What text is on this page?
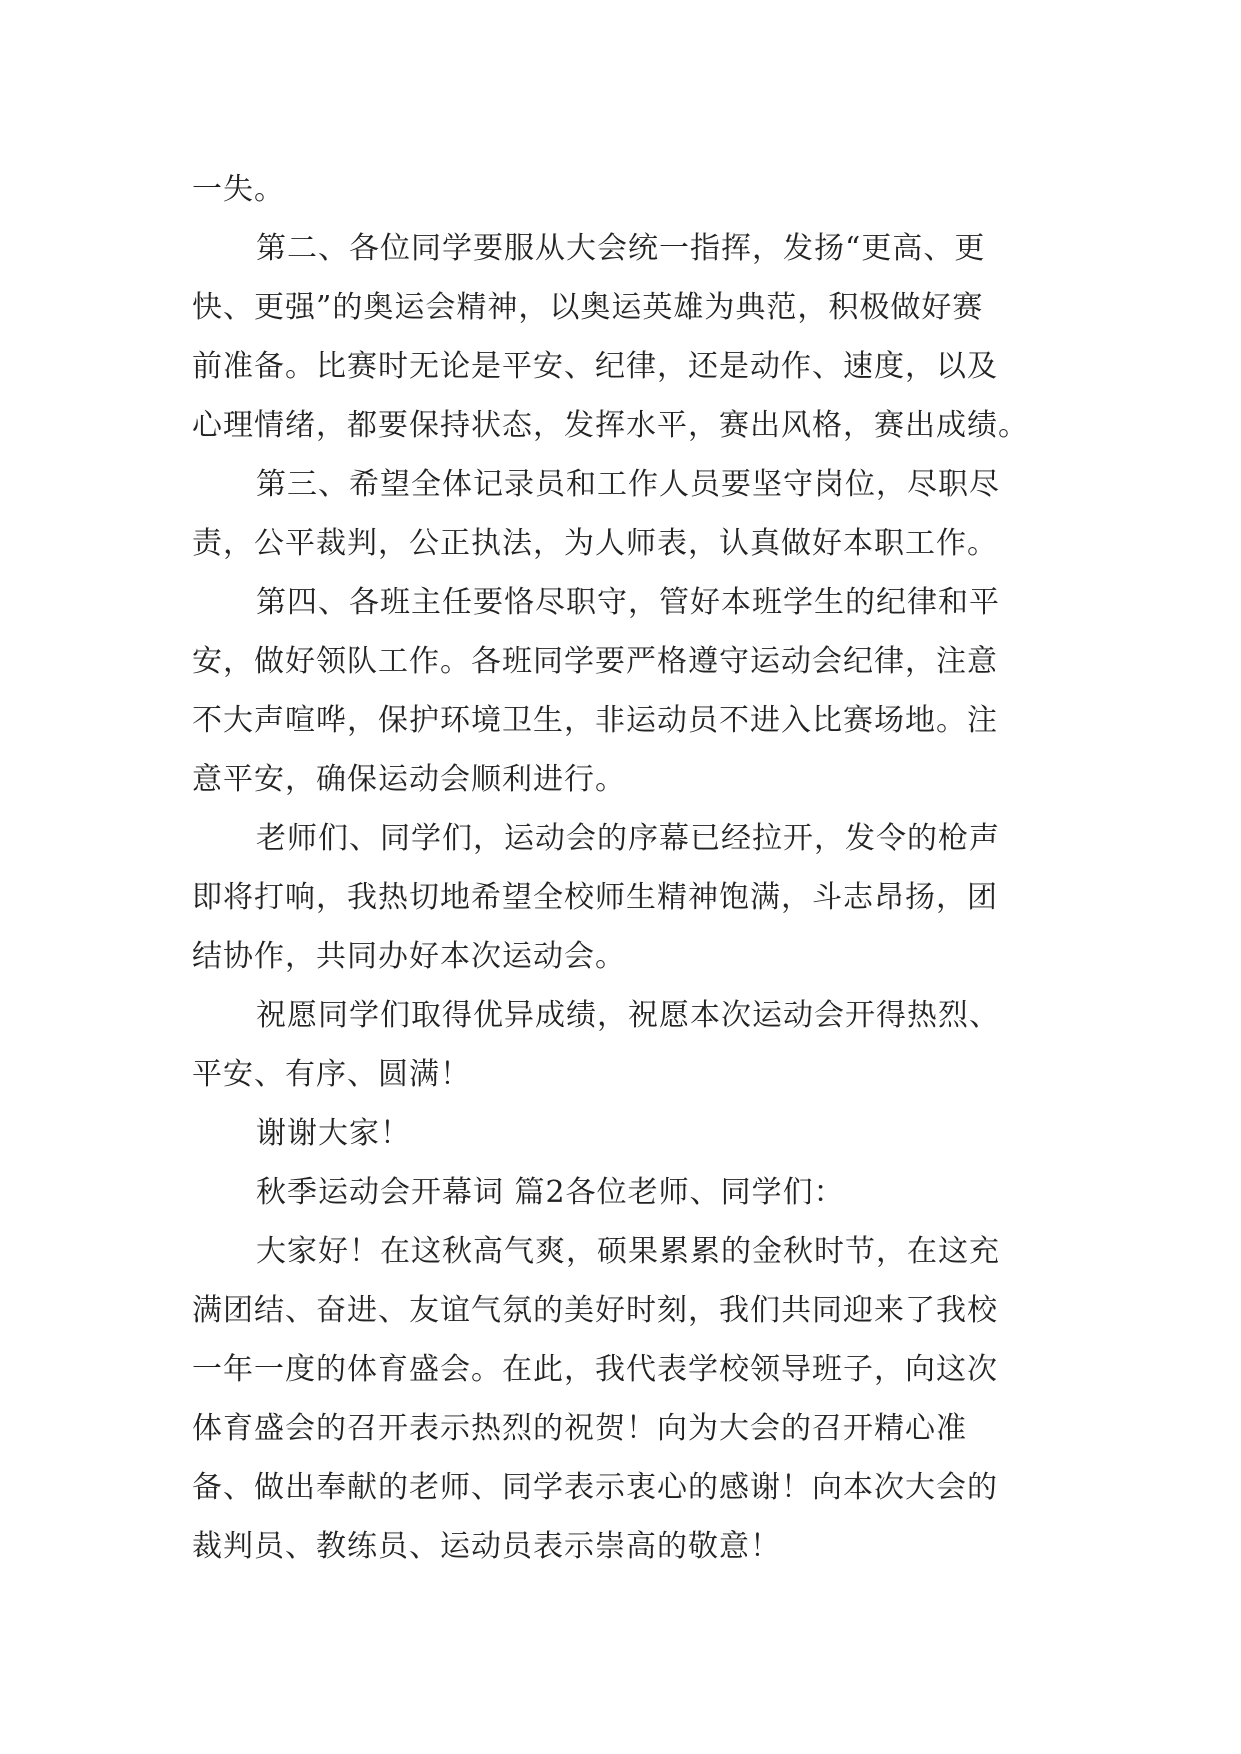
一失。
第二、各位同学要服从大会统一指挥，发扬“更高、更
快、更强”的奥运会精神，以奥运英雄为典范，积极做好赛
前准备。比赛时无论是平安、纪律，还是动作、速度，以及
心理情绪，都要保持状态，发挥水平，赛出风格，赛出成绩。
第三、希望全体记录员和工作人员要坚守岗位，尽职尽
责，公平裁判，公正执法，为人师表，认真做好本职工作。
第四、各班主任要恪尽职守，管好本班学生的纪律和平
安，做好领队工作。各班同学要严格遵守运动会纪律，注意
不大声喧哗，保护环境卫生，非运动员不进入比赛场地。注
意平安，确保运动会顺利进行。
老师们、同学们，运动会的序幕已经拉开，发令的枪声
即将打响，我热切地希望全校师生精神饱满，斗志昂扬，团
结协作，共同办好本次运动会。
祝愿同学们取得优异成绩，祝愿本次运动会开得热烈、
平安、有序、圆满！
谢谢大家！
秋季运动会开幕词 篇2各位老师、同学们：
大家好！在这秋高气爽，硕果累累的金秋时节，在这充
满团结、奋进、友谊气氛的美好时刻，我们共同迎来了我校
一年一度的体育盛会。在此，我代表学校领导班子，向这次
体育盛会的召开表示热烈的祝贺！向为大会的召开精心准
备、做出奉献的老师、同学表示衷心的感谢！向本次大会的
裁判员、教练员、运动员表示崇高的敬意！
